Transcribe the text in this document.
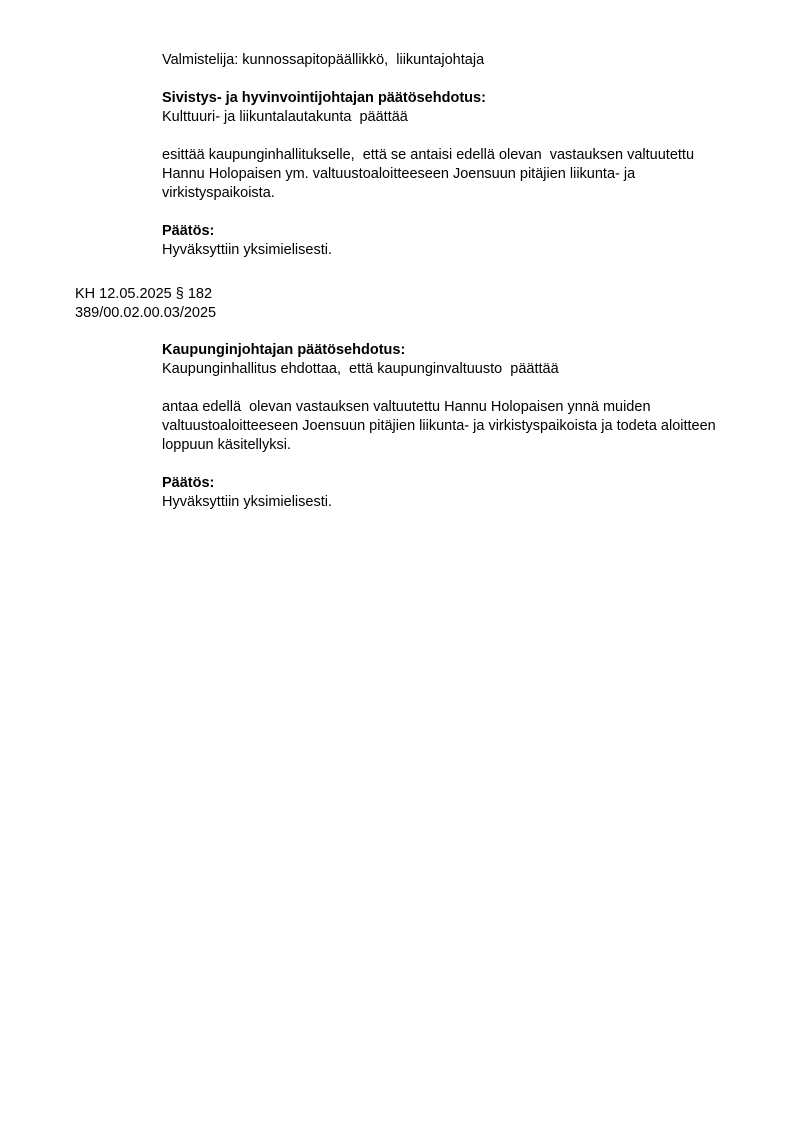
Valmistelija: kunnossapitopäällikkö,  liikuntajohtaja
Sivistys- ja hyvinvointijohtajan päätösehdotus:
Kulttuuri- ja liikuntalautakunta  päättää
esittää kaupunginhallitukselle,  että se antaisi edellä olevan  vastauksen valtuutettu
Hannu Holopaisen ym. valtuustoaloitteeseen Joensuun pitäjien liikunta- ja
virkistyspaikoista.
Päätös:
Hyväksyttiin yksimielisesti.
KH 12.05.2025 § 182
389/00.02.00.03/2025
Kaupunginjohtajan päätösehdotus:
Kaupunginhallitus ehdottaa,  että kaupunginvaltuusto  päättää
antaa edellä  olevan vastauksen valtuutettu Hannu Holopaisen ynnä muiden
valtuustoaloitteeseen Joensuun pitäjien liikunta- ja virkistyspaikoista ja todeta aloitteen
loppuun käsitellyksi.
Päätös:
Hyväksyttiin yksimielisesti.
